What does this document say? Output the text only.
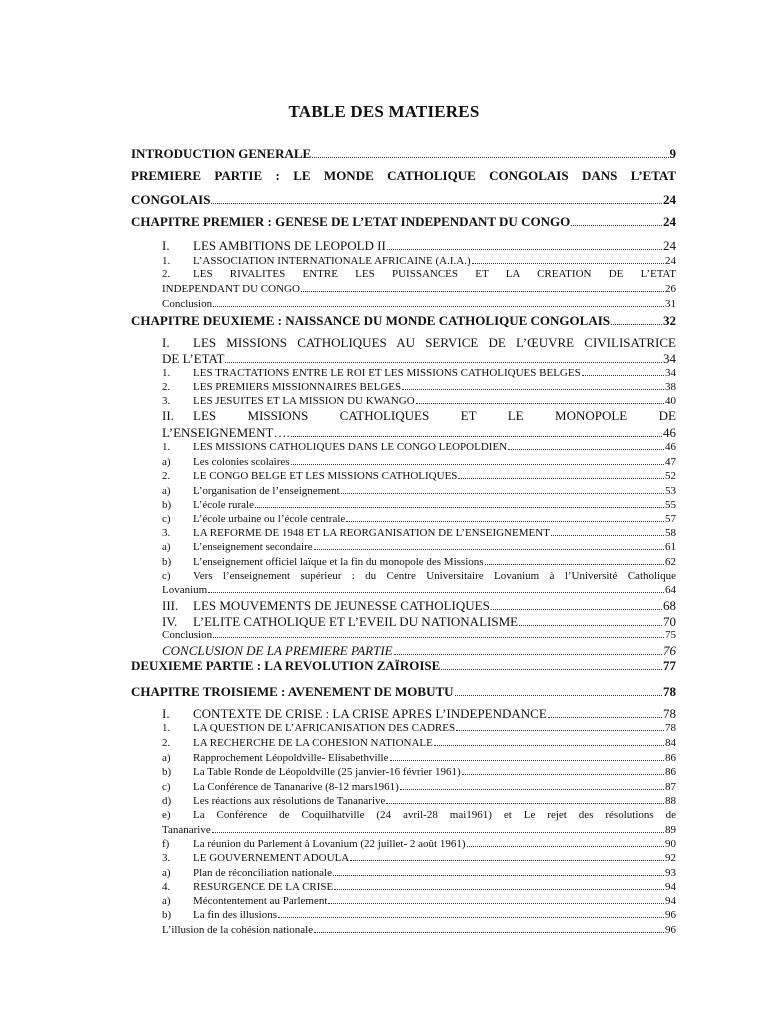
TABLE DES MATIERES
INTRODUCTION GENERALE	9
PREMIERE PARTIE : LE MONDE CATHOLIQUE CONGOLAIS DANS L’ETAT
CONGOLAIS	24
CHAPITRE PREMIER : GENESE DE L’ETAT INDEPENDANT DU CONGO	24
I.	LES AMBITIONS DE LEOPOLD II	24
1.	L’ASSOCIATION INTERNATIONALE AFRICAINE (A.I.A.)	24
2.	LES RIVALITES ENTRE LES PUISSANCES ET LA CREATION DE L’ETAT
INDEPENDANT DU CONGO	26
Conclusion	31
CHAPITRE DEUXIEME : NAISSANCE DU MONDE CATHOLIQUE CONGOLAIS	32
I.	LES MISSIONS CATHOLIQUES AU SERVICE DE L’ŒUVRE CIVILISATRICE
DE L’ETAT	34
1.	LES TRACTATIONS ENTRE LE ROI ET LES MISSIONS CATHOLIQUES BELGES	34
2.	LES PREMIERS MISSIONNAIRES BELGES	38
3.	LES JESUITES ET LA MISSION DU KWANGO	40
II.	LES MISSIONS CATHOLIQUES ET LE MONOPOLE DE
L’ENSEIGNEMENT….	46
1.	LES MISSIONS CATHOLIQUES DANS LE CONGO LEOPOLDIEN	46
a)	Les colonies scolaires	47
2.	LE CONGO BELGE ET LES MISSIONS CATHOLIQUES	52
a)	L’organisation de l’enseignement	53
b)	L’école rurale	55
c)	L’école urbaine ou l’école centrale	57
3.	LA REFORME DE 1948 ET LA REORGANISATION DE L’ENSEIGNEMENT	58
a)	L’enseignement secondaire	61
b)	L’enseignement officiel laïque et la fin du monopole des Missions	62
c)	Vers l’enseignement supérieur : du Centre Universitaire Lovanium à l’Université Catholique
Lovanium	64
III.	LES MOUVEMENTS DE JEUNESSE CATHOLIQUES	68
IV.	L’ELITE CATHOLIQUE ET L’EVEIL DU NATIONALISME	70
Conclusion	75
CONCLUSION DE LA PREMIERE PARTIE	76
DEUXIEME PARTIE : LA REVOLUTION ZAÏROISE	77
CHAPITRE TROISIEME : AVENEMENT DE MOBUTU	78
I.	CONTEXTE DE CRISE : LA CRISE APRES L’INDEPENDANCE	78
1.	LA QUESTION DE L’AFRICANISATION DES CADRES	78
2.	LA RECHERCHE DE LA COHESION NATIONALE	84
a)	Rapprochement Léopoldville- Elisabethville	86
b)	La Table Ronde de Léopoldville (25 janvier-16 février 1961)	86
c)	La Conférence de Tananarive (8-12 mars1961)	87
d)	Les réactions aux résolutions de Tananarive	88
e)	La Conférence de Coquilhatville (24 avril-28 mai1961) et Le rejet des résolutions de
Tananarive	89
f)	La réunion du Parlement à Lovanium (22 juillet- 2 août 1961)	90
3.	LE GOUVERNEMENT ADOULA	92
a)	Plan de réconciliation nationale	93
4.	RESURGENCE DE LA CRISE	94
a)	Mécontentement au Parlement	94
b)	La fin des illusions	96
L’illusion de la cohésion nationale	96
